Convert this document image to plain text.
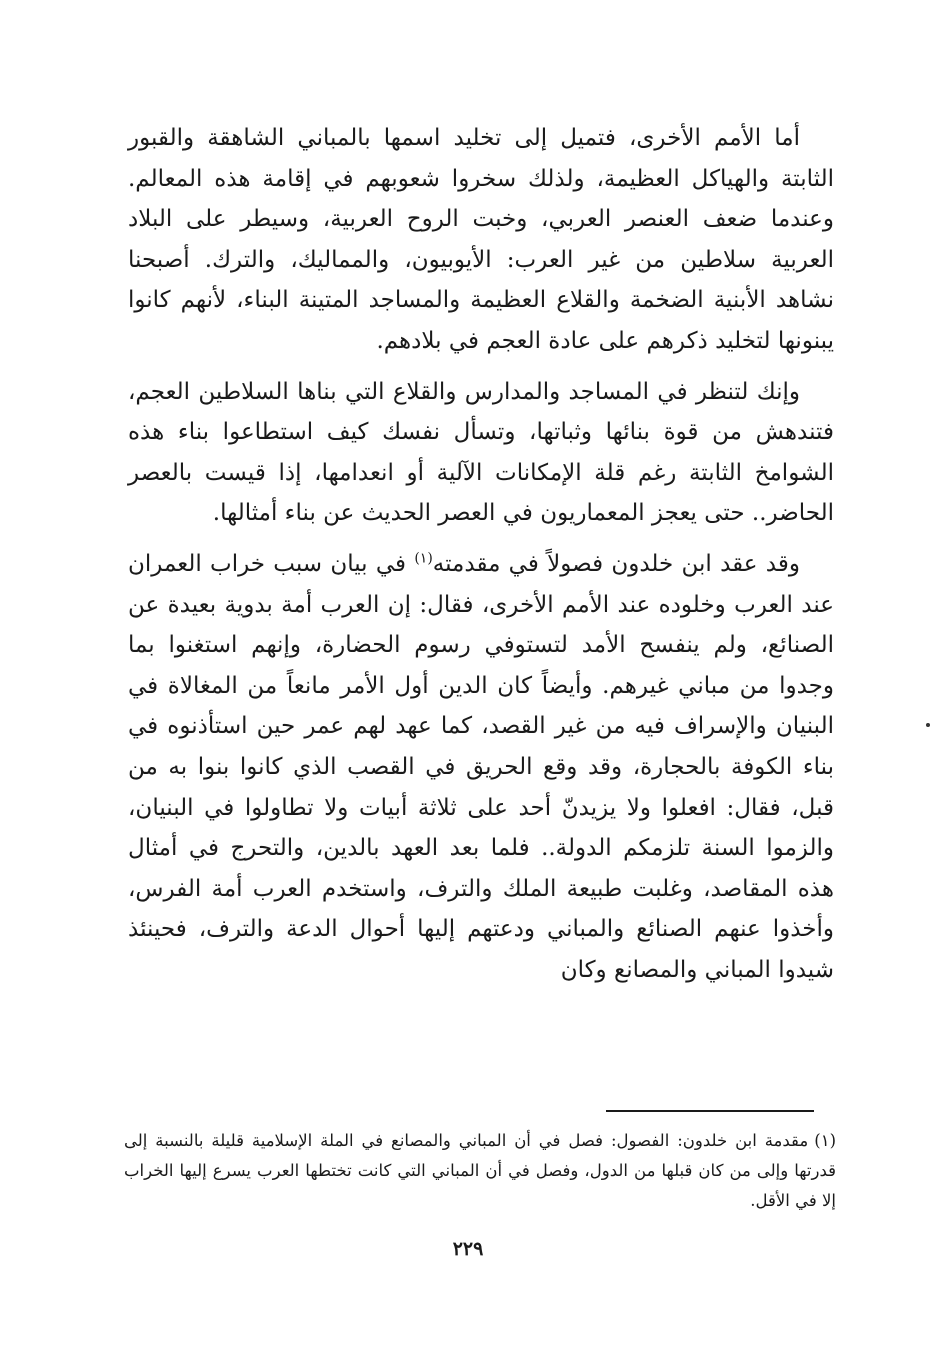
أما الأمم الأخرى، فتميل إلى تخليد اسمها بالمباني الشاهقة والقبور الثابتة والهياكل العظيمة، ولذلك سخروا شعوبهم في إقامة هذه المعالم. وعندما ضعف العنصر العربي، وخبت الروح العربية، وسيطر على البلاد العربية سلاطين من غير العرب: الأيوبيون، والمماليك، والترك. أصبحنا نشاهد الأبنية الضخمة والقلاع العظيمة والمساجد المتينة البناء، لأنهم كانوا يبنونها لتخليد ذكرهم على عادة العجم في بلادهم.

وإنك لتنظر في المساجد والمدارس والقلاع التي بناها السلاطين العجم، فتندهش من قوة بنائها وثباتها، وتسأل نفسك كيف استطاعوا بناء هذه الشوامخ الثابتة رغم قلة الإمكانات الآلية أو انعدامها، إذا قيست بالعصر الحاضر.. حتى يعجز المعماريون في العصر الحديث عن بناء أمثالها.

وقد عقد ابن خلدون فصولاً في مقدمته$^{(١)}$ في بيان سبب خراب العمران عند العرب وخلوده عند الأمم الأخرى، فقال: إن العرب أمة بدوية بعيدة عن الصنائع، ولم ينفسح الأمد لتستوفي رسوم الحضارة، وإنهم استغنوا بما وجدوا من مباني غيرهم. وأيضاً كان الدين أول الأمر مانعاً من المغالاة في البنيان والإسراف فيه من غير القصد، كما عهد لهم عمر حين استأذنوه في بناء الكوفة بالحجارة، وقد وقع الحريق في القصب الذي كانوا بنوا به من قبل، فقال: افعلوا ولا يزيدنّ أحد على ثلاثة أبيات ولا تطاولوا في البنيان، والزموا السنة تلزمكم الدولة.. فلما بعد العهد بالدين، والتحرج في أمثال هذه المقاصد، وغلبت طبيعة الملك والترف، واستخدم العرب أمة الفرس، وأخذوا عنهم الصنائع والمباني ودعتهم إليها أحوال الدعة والترف، فحينئذ شيدوا المباني والمصانع وكان

(١)مقدمة ابن خلدون: الفصول: فصل في أن المباني والمصانع في الملة الإسلامية قليلة بالنسبة إلى قدرتها وإلى من كان قبلها من الدول، وفصل في أن المباني التي كانت تختطها العرب يسرع إليها الخراب إلا في الأقل.
٢٢٩
